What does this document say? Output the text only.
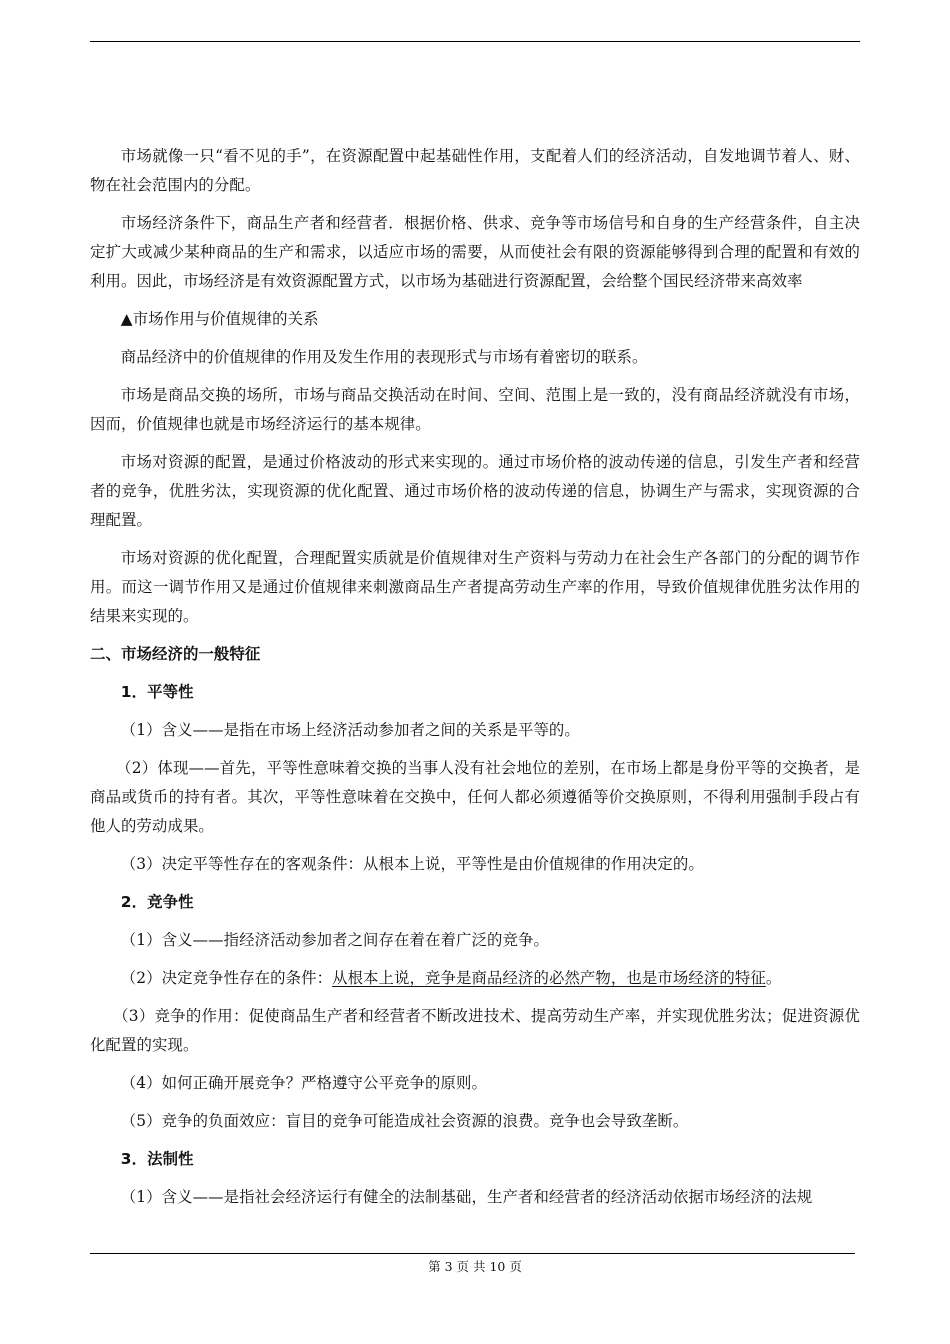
市场就像一只“看不见的手”，在资源配置中起基础性作用，支配着人们的经济活动，自发地调节着人、财、物在社会范围内的分配。

市场经济条件下，商品生产者和经营者．根据价格、供求、竞争等市场信号和自身的生产经营条件，自主决定扩大或减少某种商品的生产和需求，以适应市场的需要，从而使社会有限的资源能够得到合理的配置和有效的利用。因此，市场经济是有效资源配置方式，以市场为基础进行资源配置，会给整个国民经济带来高效率

▲市场作用与价值规律的关系

商品经济中的价值规律的作用及发生作用的表现形式与市场有着密切的联系。

市场是商品交换的场所，市场与商品交换活动在时间、空间、范围上是一致的，没有商品经济就没有市场，因而，价值规律也就是市场经济运行的基本规律。

市场对资源的配置，是通过价格波动的形式来实现的。通过市场价格的波动传递的信息，引发生产者和经营者的竞争，优胜劣汰，实现资源的优化配置、通过市场价格的波动传递的信息，协调生产与需求，实现资源的合理配置。

市场对资源的优化配置，合理配置实质就是价值规律对生产资料与劳动力在社会生产各部门的分配的调节作用。而这一调节作用又是通过价值规律来刺激商品生产者提高劳动生产率的作用，导致价值规律优胜劣汰作用的结果来实现的。

二、市场经济的一般特征

1．平等性

（1）含义——是指在市场上经济活动参加者之间的关系是平等的。

（2）体现——首先，平等性意味着交换的当事人没有社会地位的差别，在市场上都是身份平等的交换者，是商品或货币的持有者。其次，平等性意味着在交换中，任何人都必须遵循等价交换原则，不得利用强制手段占有他人的劳动成果。

（3）决定平等性存在的客观条件：从根本上说，平等性是由价值规律的作用决定的。

2．竞争性

（1）含义——指经济活动参加者之间存在着在着广泛的竞争。

（2）决定竞争性存在的条件：从根本上说，竞争是商品经济的必然产物，也是市场经济的特征。

（3）竞争的作用：促使商品生产者和经营者不断改进技术、提高劳动生产率，并实现优胜劣汰；促进资源优化配置的实现。

（4）如何正确开展竞争？严格遵守公平竞争的原则。

（5）竞争的负面效应：盲目的竞争可能造成社会资源的浪费。竞争也会导致垄断。

3．法制性

（1）含义——是指社会经济运行有健全的法制基础，生产者和经营者的经济活动依据市场经济的法规

第 3 页 共 10 页
